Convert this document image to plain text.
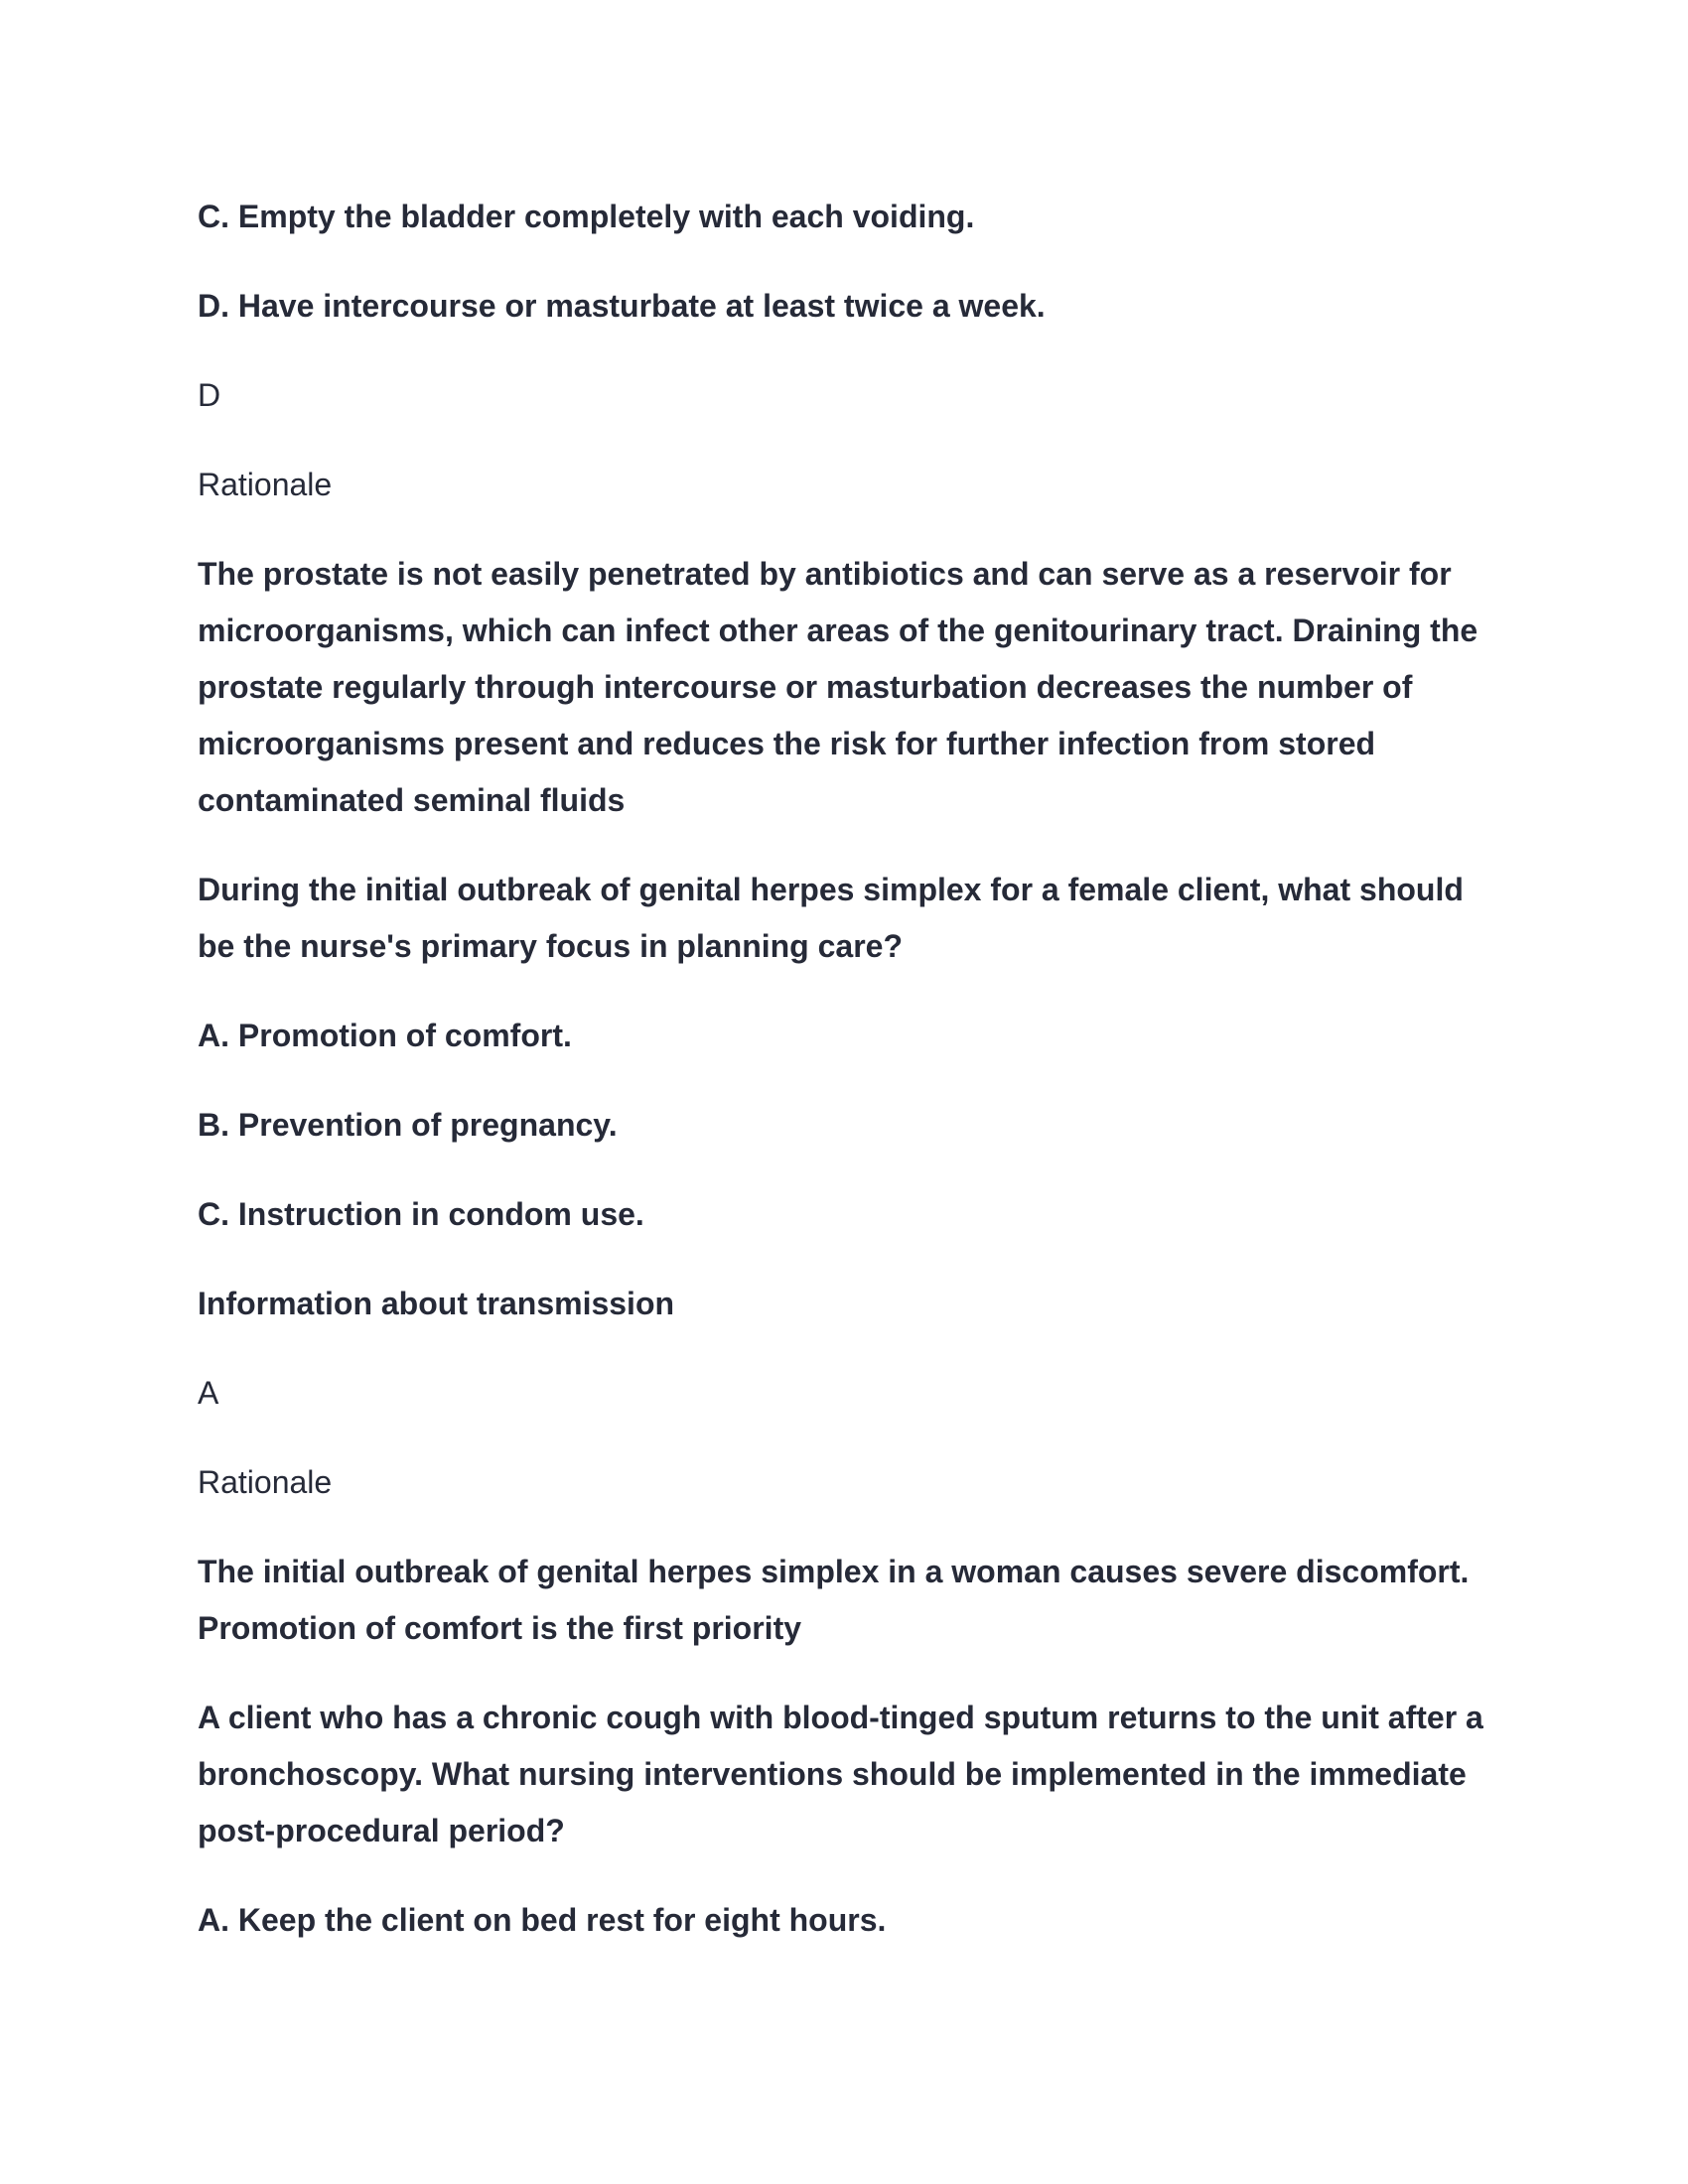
C. Empty the bladder completely with each voiding.

D. Have intercourse or masturbate at least twice a week.

D

Rationale

The prostate is not easily penetrated by antibiotics and can serve as a reservoir for microorganisms, which can infect other areas of the genitourinary tract. Draining the prostate regularly through intercourse or masturbation decreases the number of microorganisms present and reduces the risk for further infection from stored contaminated seminal fluids

During the initial outbreak of genital herpes simplex for a female client, what should be the nurse's primary focus in planning care?

A. Promotion of comfort.

B. Prevention of pregnancy.

C. Instruction in condom use.

Information about transmission

A

Rationale

The initial outbreak of genital herpes simplex in a woman causes severe discomfort. Promotion of comfort is the first priority

A client who has a chronic cough with blood-tinged sputum returns to the unit after a bronchoscopy. What nursing interventions should be implemented in the immediate post-procedural period?

A. Keep the client on bed rest for eight hours.
